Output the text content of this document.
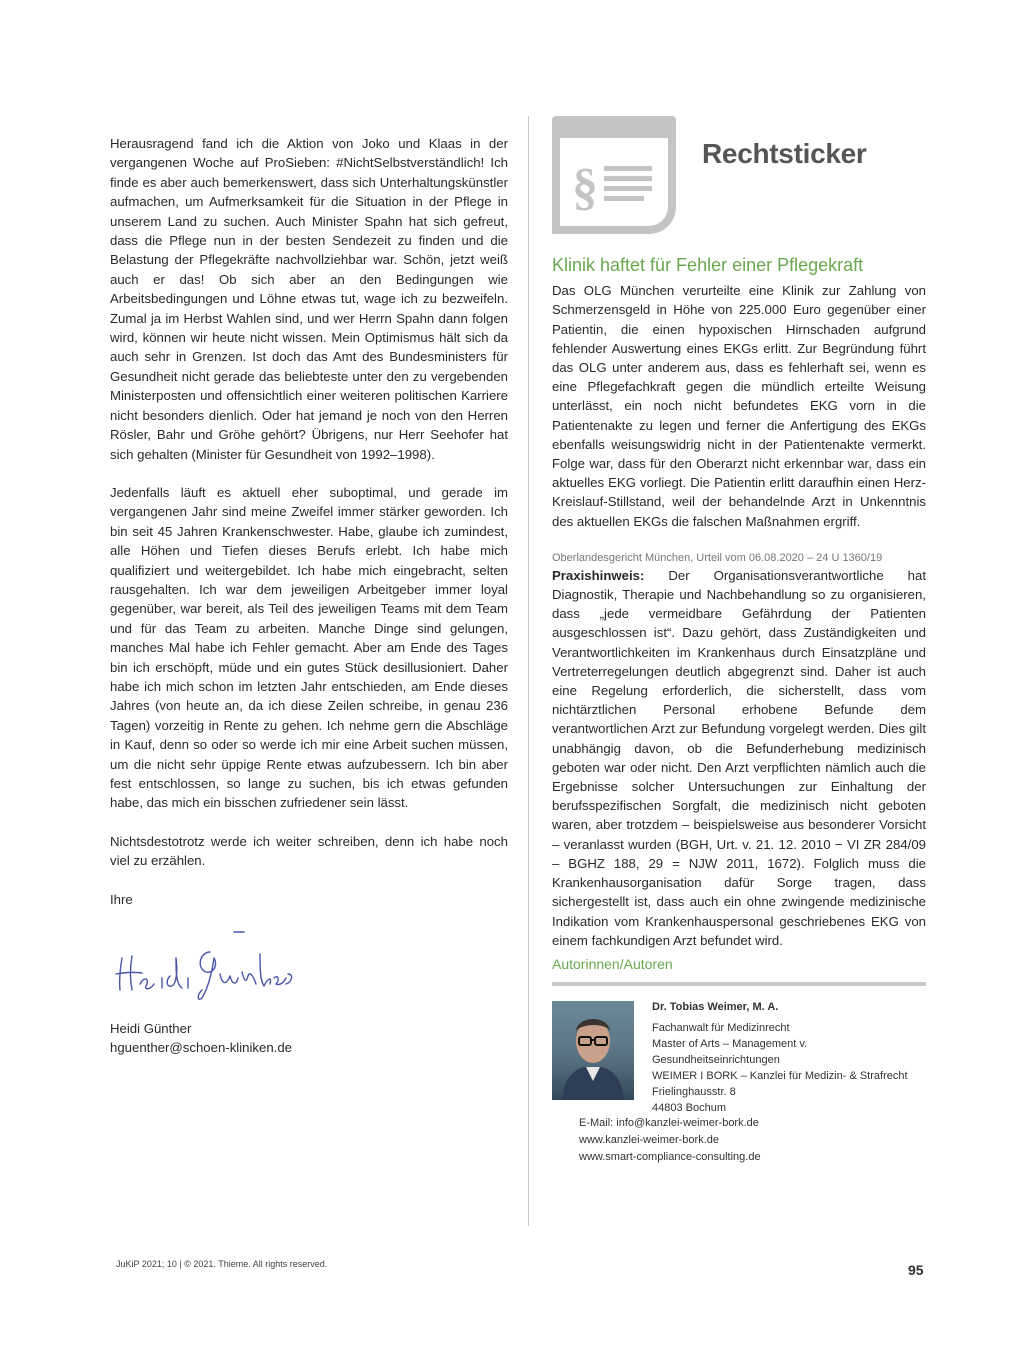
Herausragend fand ich die Aktion von Joko und Klaas in der vergangenen Woche auf ProSieben: #NichtSelbstverständlich! Ich finde es aber auch bemerkenswert, dass sich Unterhaltungskünstler aufmachen, um Aufmerksamkeit für die Situation in der Pflege in unserem Land zu suchen. Auch Minister Spahn hat sich gefreut, dass die Pflege nun in der besten Sendezeit zu finden und die Belastung der Pflegekräfte nachvollziehbar war. Schön, jetzt weiß auch er das! Ob sich aber an den Bedingungen wie Arbeitsbedingungen und Löhne etwas tut, wage ich zu bezweifeln. Zumal ja im Herbst Wahlen sind, und wer Herrn Spahn dann folgen wird, können wir heute nicht wissen. Mein Optimismus hält sich da auch sehr in Grenzen. Ist doch das Amt des Bundesministers für Gesundheit nicht gerade das beliebteste unter den zu vergebenden Ministerposten und offensichtlich einer weiteren politischen Karriere nicht besonders dienlich. Oder hat jemand je noch von den Herren Rösler, Bahr und Gröhe gehört? Übrigens, nur Herr Seehofer hat sich gehalten (Minister für Gesundheit von 1992–1998).

Jedenfalls läuft es aktuell eher suboptimal, und gerade im vergangenen Jahr sind meine Zweifel immer stärker geworden. Ich bin seit 45 Jahren Krankenschwester. Habe, glaube ich zumindest, alle Höhen und Tiefen dieses Berufs erlebt. Ich habe mich qualifiziert und weitergebildet. Ich habe mich eingebracht, selten rausgehalten. Ich war dem jeweiligen Arbeitgeber immer loyal gegenüber, war bereit, als Teil des jeweiligen Teams mit dem Team und für das Team zu arbeiten. Manche Dinge sind gelungen, manches Mal habe ich Fehler gemacht. Aber am Ende des Tages bin ich erschöpft, müde und ein gutes Stück desillusioniert. Daher habe ich mich schon im letzten Jahr entschieden, am Ende dieses Jahres (von heute an, da ich diese Zeilen schreibe, in genau 236 Tagen) vorzeitig in Rente zu gehen. Ich nehme gern die Abschläge in Kauf, denn so oder so werde ich mir eine Arbeit suchen müssen, um die nicht sehr üppige Rente etwas aufzubessern. Ich bin aber fest entschlossen, so lange zu suchen, bis ich etwas gefunden habe, das mich ein bisschen zufriedener sein lässt.

Nichtsdestotrotz werde ich weiter schreiben, denn ich habe noch viel zu erzählen.

Ihre

Heidi Günther
hguenther@schoen-kliniken.de
§
Rechtsticker
Klinik haftet für Fehler einer Pflegekraft

Das OLG München verurteilte eine Klinik zur Zahlung von Schmerzensgeld in Höhe von 225.000 Euro gegenüber einer Patientin, die einen hypoxischen Hirnschaden aufgrund fehlender Auswertung eines EKGs erlitt. Zur Begründung führt das OLG unter anderem aus, dass es fehlerhaft sei, wenn es eine Pflegefachkraft gegen die mündlich erteilte Weisung unterlässt, ein noch nicht befundetes EKG vorn in die Patientenakte zu legen und ferner die Anfertigung des EKGs ebenfalls weisungswidrig nicht in der Patientenakte vermerkt. Folge war, dass für den Oberarzt nicht erkennbar war, dass ein aktuelles EKG vorliegt. Die Patientin erlitt daraufhin einen Herz-Kreislauf-Stillstand, weil der behandelnde Arzt in Unkenntnis des aktuellen EKGs die falschen Maßnahmen ergriff.

Oberlandesgericht München, Urteil vom 06.08.2020 – 24 U 1360/19

Praxishinweis: Der Organisationsverantwortliche hat Diagnostik, Therapie und Nachbehandlung so zu organisieren, dass „jede vermeidbare Gefährdung der Patienten ausgeschlossen ist“. Dazu gehört, dass Zuständigkeiten und Verantwortlichkeiten im Krankenhaus durch Einsatzpläne und Vertreterregelungen deutlich abgegrenzt sind. Daher ist auch eine Regelung erforderlich, die sicherstellt, dass vom nichtärztlichen Personal erhobene Befunde dem verantwortlichen Arzt zur Befundung vorgelegt werden. Dies gilt unabhängig davon, ob die Befunderhebung medizinisch geboten war oder nicht. Den Arzt verpflichten nämlich auch die Ergebnisse solcher Untersuchungen zur Einhaltung der berufsspezifischen Sorgfalt, die medizinisch nicht geboten waren, aber trotzdem – beispielsweise aus besonderer Vorsicht – veranlasst wurden (BGH, Urt. v. 21. 12. 2010 − VI ZR 284/09 – BGHZ 188, 29 = NJW 2011, 1672). Folglich muss die Krankenhausorganisation dafür Sorge tragen, dass sichergestellt ist, dass auch ein ohne zwingende medizinische Indikation vom Krankenhauspersonal geschriebenes EKG von einem fachkundigen Arzt befundet wird.

Autorinnen/Autoren
Dr. Tobias Weimer, M. A.
Fachanwalt für Medizinrecht
Master of Arts – Management v. Gesundheitseinrichtungen
WEIMER I BORK – Kanzlei für Medizin- & Strafrecht
Frielinghausstr. 8
44803 Bochum
E-Mail: info@kanzlei-weimer-bork.de
www.kanzlei-weimer-bork.de
www.smart-compliance-consulting.de
JuKiP 2021; 10 | © 2021. Thieme. All rights reserved.	95
